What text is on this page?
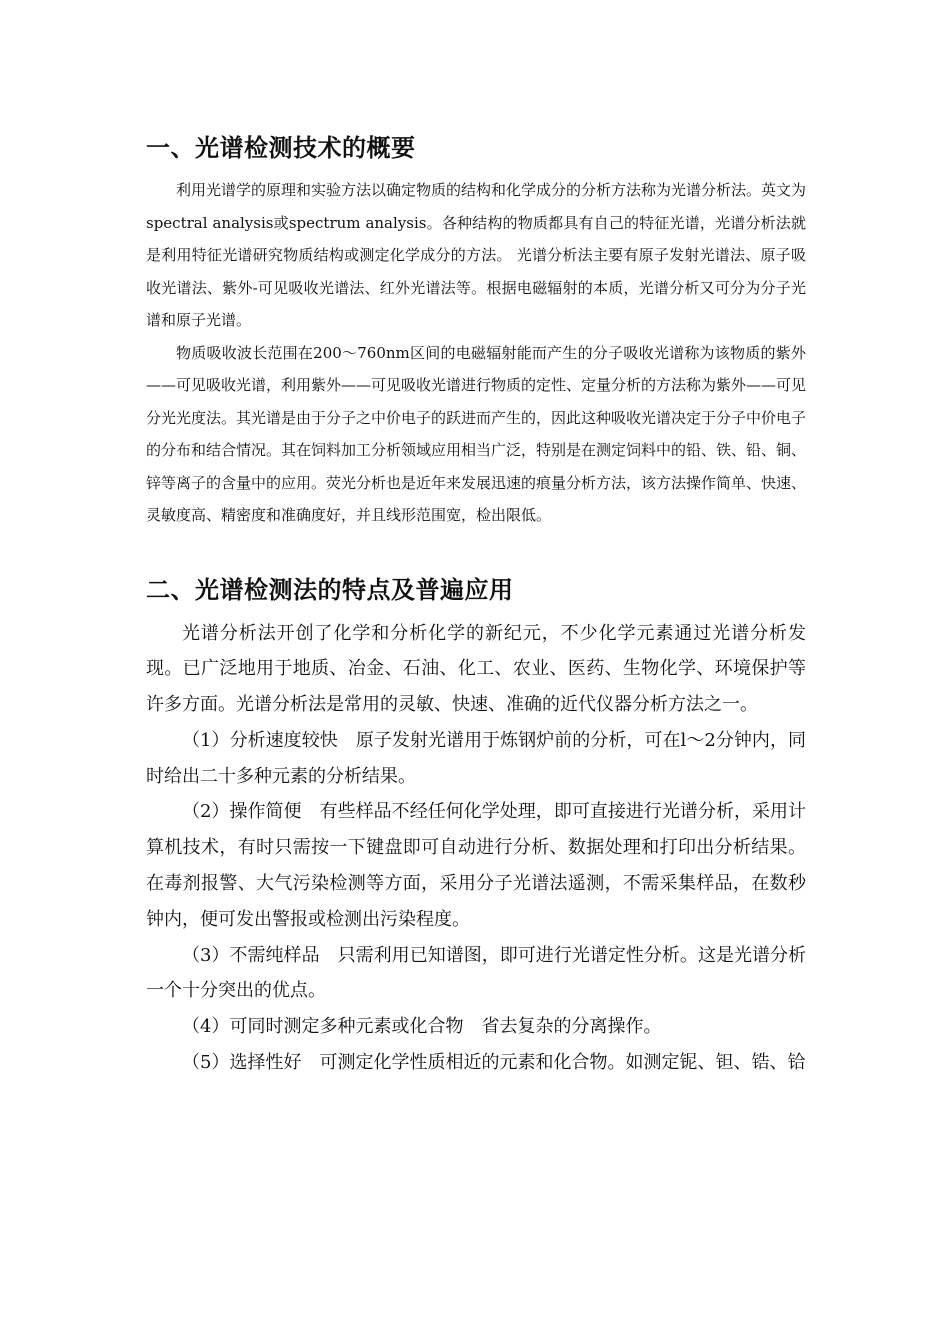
一、光谱检测技术的概要

利用光谱学的原理和实验方法以确定物质的结构和化学成分的分析方法称为光谱分析法。英文为spectral analysis或spectrum analysis。各种结构的物质都具有自己的特征光谱，光谱分析法就是利用特征光谱研究物质结构或测定化学成分的方法。 光谱分析法主要有原子发射光谱法、原子吸收光谱法、紫外-可见吸收光谱法、红外光谱法等。根据电磁辐射的本质，光谱分析又可分为分子光谱和原子光谱。

物质吸收波长范围在200～760nm区间的电磁辐射能而产生的分子吸收光谱称为该物质的紫外——可见吸收光谱，利用紫外——可见吸收光谱进行物质的定性、定量分析的方法称为紫外——可见分光光度法。其光谱是由于分子之中价电子的跃进而产生的，因此这种吸收光谱决定于分子中价电子的分布和结合情况。其在饲料加工分析领域应用相当广泛，特别是在测定饲料中的铅、铁、铅、铜、锌等离子的含量中的应用。荧光分析也是近年来发展迅速的痕量分析方法，该方法操作简单、快速、灵敏度高、精密度和准确度好，并且线形范围宽，检出限低。

二、光谱检测法的特点及普遍应用

光谱分析法开创了化学和分析化学的新纪元，不少化学元素通过光谱分析发现。已广泛地用于地质、冶金、石油、化工、农业、医药、生物化学、环境保护等许多方面。光谱分析法是常用的灵敏、快速、准确的近代仪器分析方法之一。

（1）分析速度较快　 原子发射光谱用于炼钢炉前的分析，可在l～2分钟内，同时给出二十多种元素的分析结果。

（2）操作简便　 有些样品不经任何化学处理，即可直接进行光谱分析，采用计算机技术，有时只需按一下键盘即可自动进行分析、数据处理和打印出分析结果。在毒剂报警、大气污染检测等方面，采用分子光谱法遥测，不需采集样品，在数秒钟内，便可发出警报或检测出污染程度。

（3）不需纯样品　 只需利用已知谱图，即可进行光谱定性分析。这是光谱分析一个十分突出的优点。

（4）可同时测定多种元素或化合物　 省去复杂的分离操作。

（5）选择性好　 可测定化学性质相近的元素和化合物。如测定铌、钽、锆、铪
